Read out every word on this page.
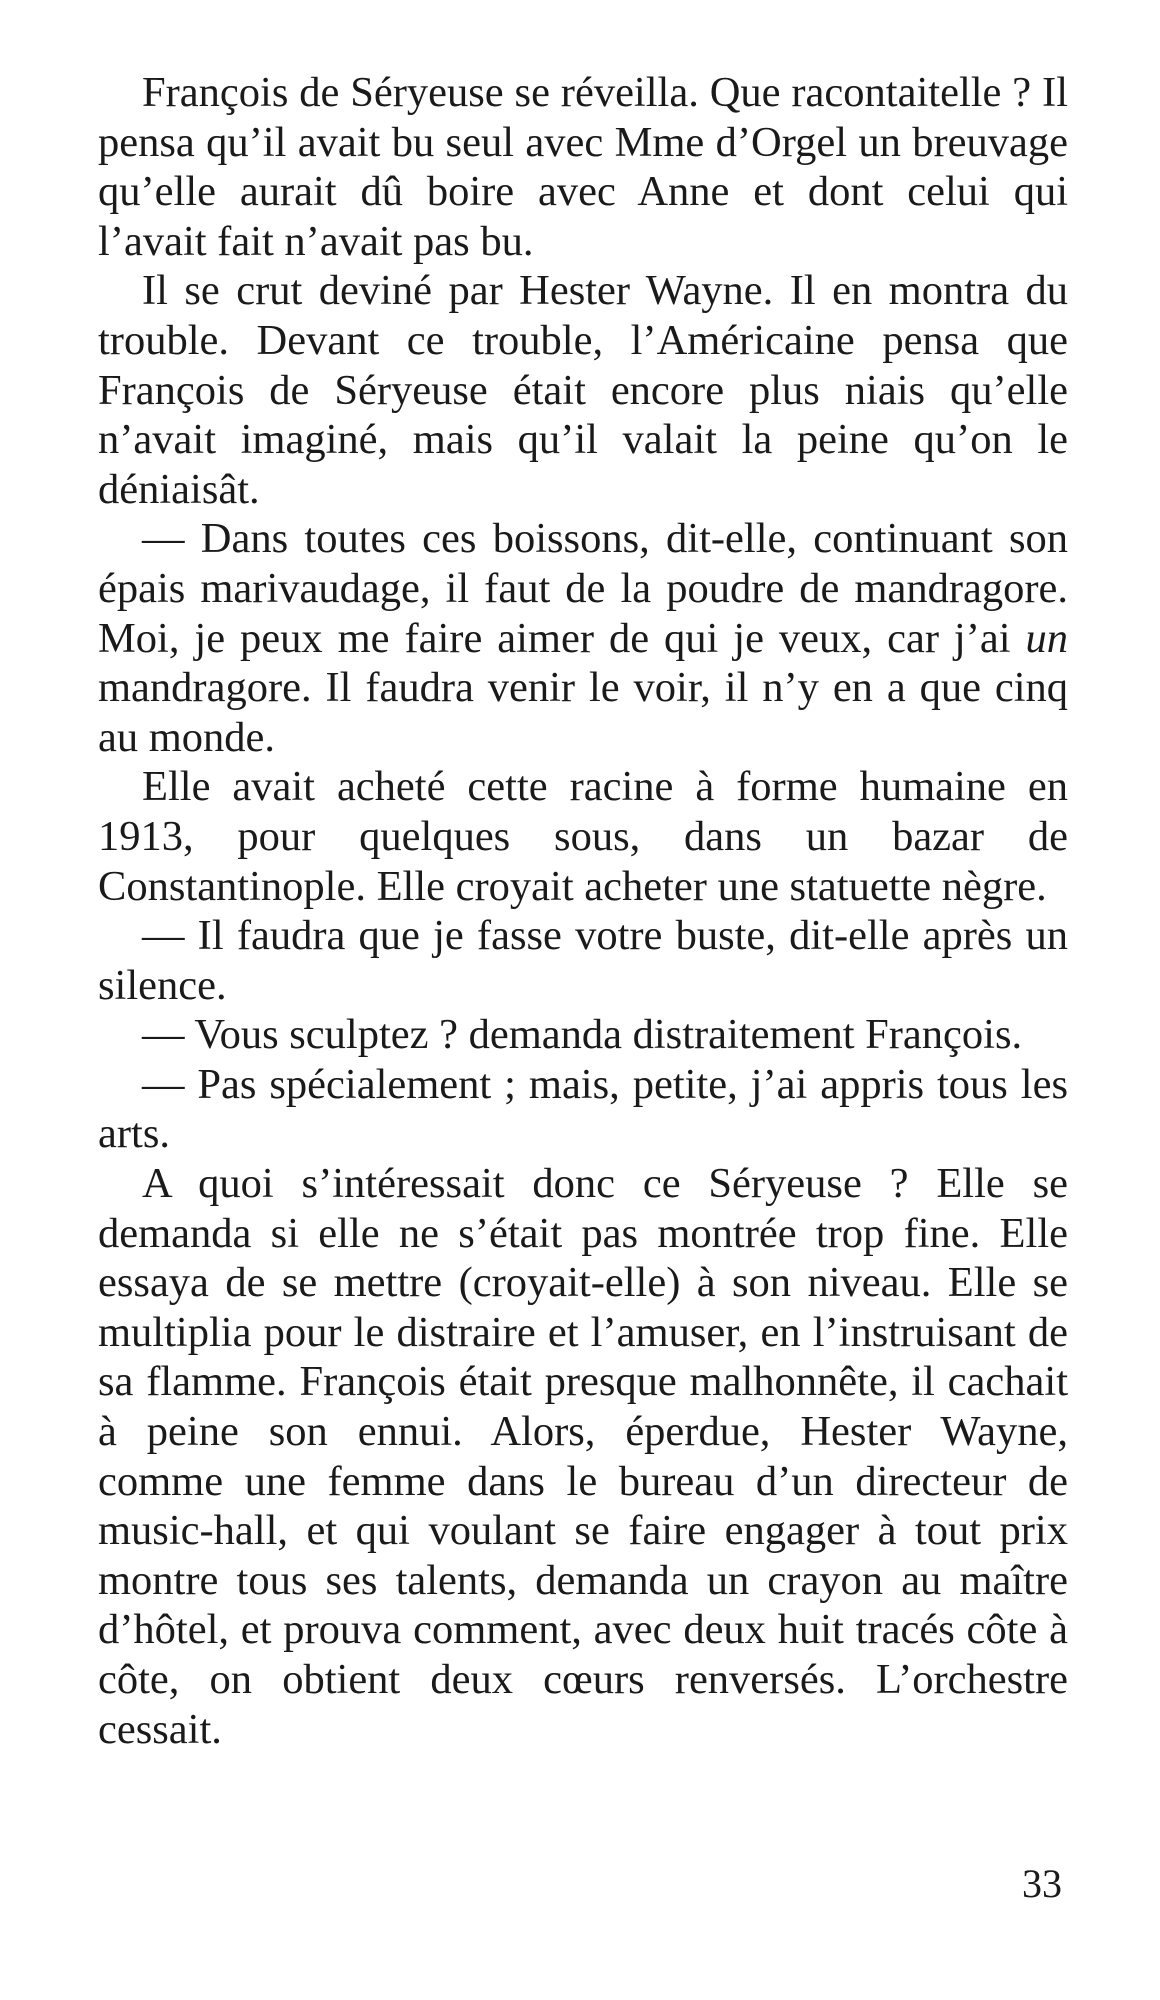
François de Séryeuse se réveilla. Que racontaitelle ? Il pensa qu’il avait bu seul avec Mme d’Orgel un breuvage qu’elle aurait dû boire avec Anne et dont celui qui l’avait fait n’avait pas bu.

Il se crut deviné par Hester Wayne. Il en montra du trouble. Devant ce trouble, l’Américaine pensa que François de Séryeuse était encore plus niais qu’elle n’avait imaginé, mais qu’il valait la peine qu’on le déniaisât.

— Dans toutes ces boissons, dit-elle, continuant son épais marivaudage, il faut de la poudre de mandragore. Moi, je peux me faire aimer de qui je veux, car j’ai un mandragore. Il faudra venir le voir, il n’y en a que cinq au monde.

Elle avait acheté cette racine à forme humaine en 1913, pour quelques sous, dans un bazar de Constantinople. Elle croyait acheter une statuette nègre.

— Il faudra que je fasse votre buste, dit-elle après un silence.

— Vous sculptez ? demanda distraitement François.

— Pas spécialement ; mais, petite, j’ai appris tous les arts.

A quoi s’intéressait donc ce Séryeuse ? Elle se demanda si elle ne s’était pas montrée trop fine. Elle essaya de se mettre (croyait-elle) à son niveau. Elle se multiplia pour le distraire et l’amuser, en l’instruisant de sa flamme. François était presque malhonnête, il cachait à peine son ennui. Alors, éperdue, Hester Wayne, comme une femme dans le bureau d’un directeur de music-hall, et qui voulant se faire engager à tout prix montre tous ses talents, demanda un crayon au maître d’hôtel, et prouva comment, avec deux huit tracés côte à côte, on obtient deux cœurs renversés. L’orchestre cessait.

33
